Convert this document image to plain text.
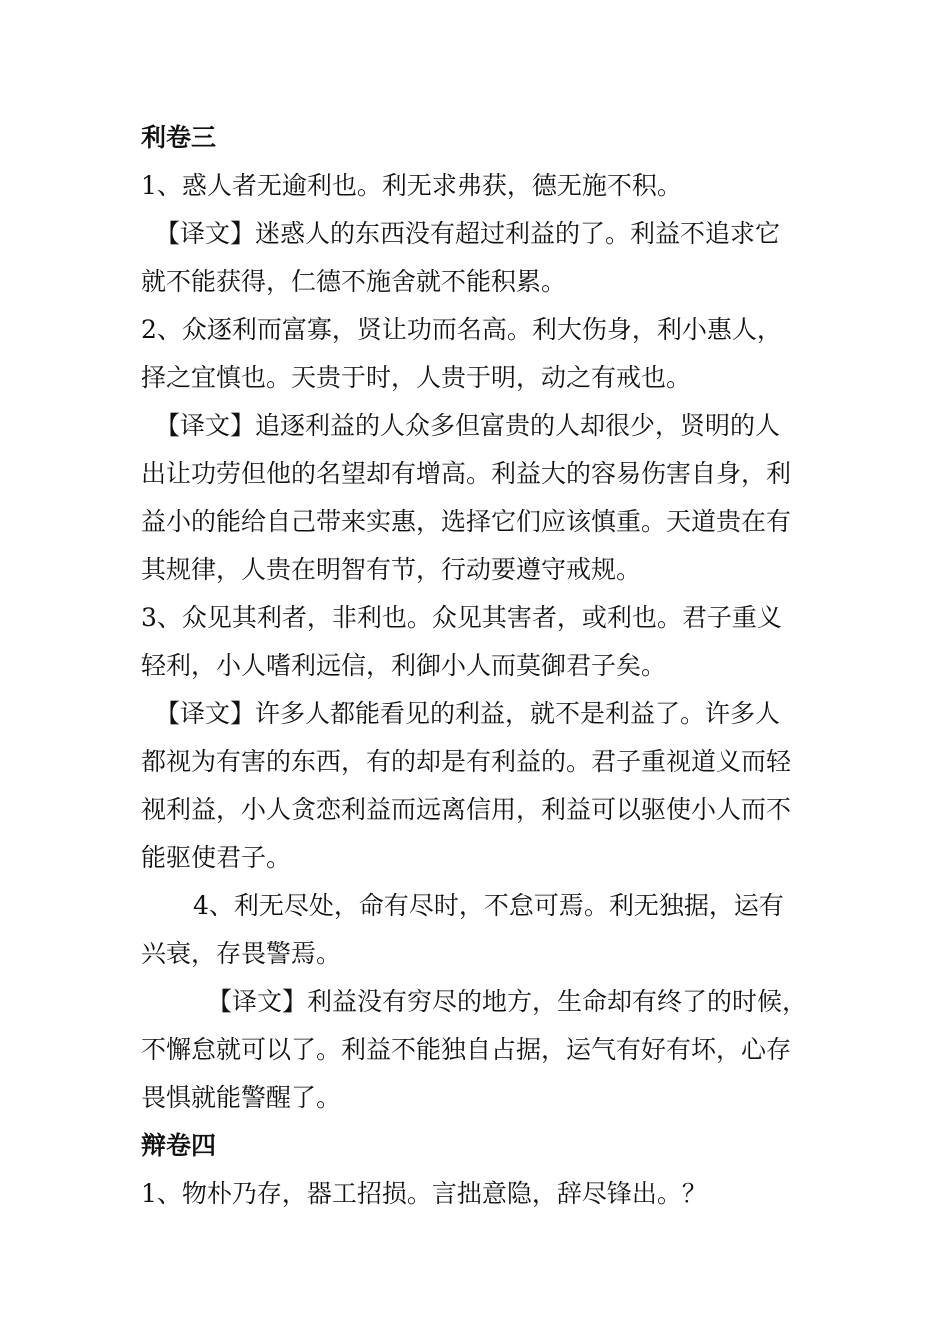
利卷三
1、惑人者无逾利也。利无求弗获，德无施不积。
【译文】迷惑人的东西没有超过利益的了。利益不追求它
就不能获得，仁德不施舍就不能积累。
2、众逐利而富寡，贤让功而名高。利大伤身，利小惠人，
择之宜慎也。天贵于时，人贵于明，动之有戒也。
【译文】追逐利益的人众多但富贵的人却很少，贤明的人
出让功劳但他的名望却有增高。利益大的容易伤害自身，利
益小的能给自己带来实惠，选择它们应该慎重。天道贵在有
其规律，人贵在明智有节，行动要遵守戒规。
3、众见其利者，非利也。众见其害者，或利也。君子重义
轻利，小人嗜利远信，利御小人而莫御君子矣。
【译文】许多人都能看见的利益，就不是利益了。许多人
都视为有害的东西，有的却是有利益的。君子重视道义而轻
视利益，小人贪恋利益而远离信用，利益可以驱使小人而不
能驱使君子。
4、利无尽处，命有尽时，不怠可焉。利无独据，运有
兴衰，存畏警焉。
【译文】利益没有穷尽的地方，生命却有终了的时候，
不懈怠就可以了。利益不能独自占据，运气有好有坏，心存
畏惧就能警醒了。
辩卷四
1、物朴乃存，器工招损。言拙意隐，辞尽锋出。？
